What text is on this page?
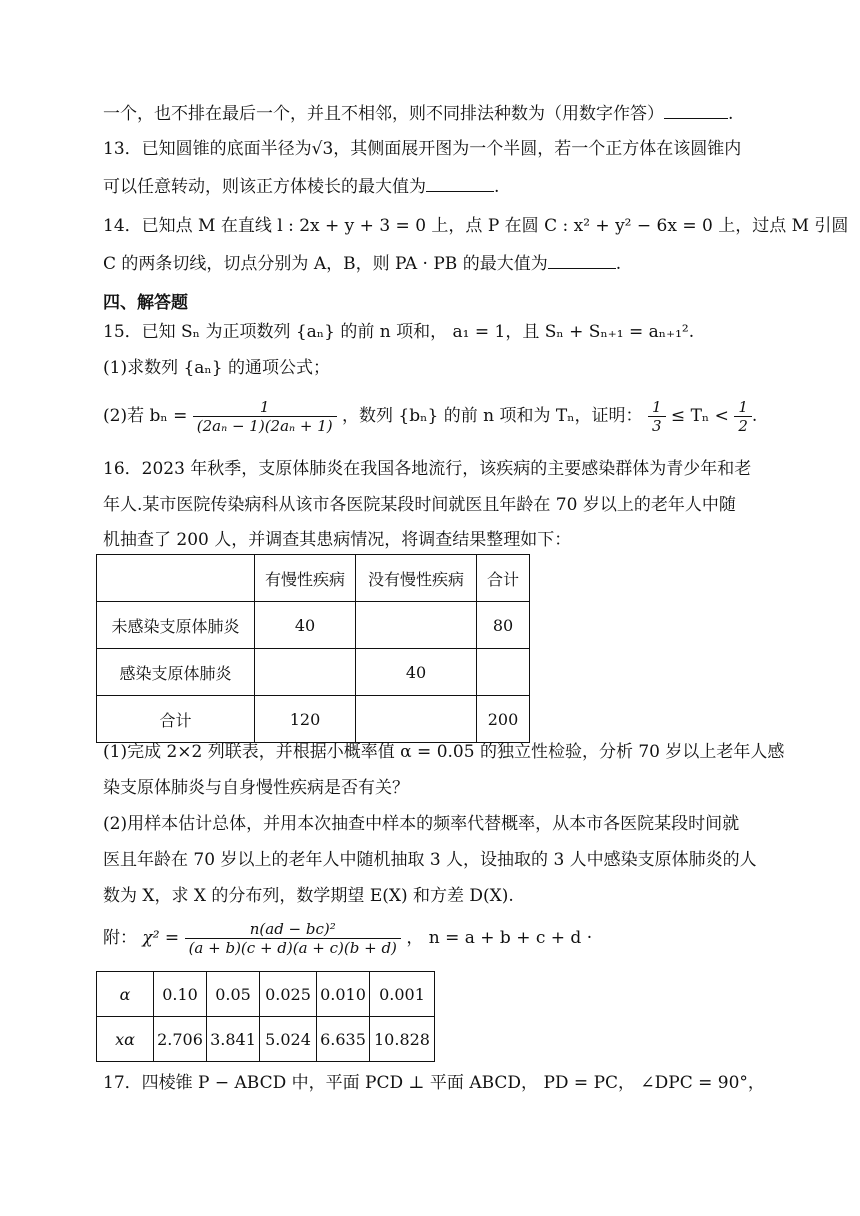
一个，也不排在最后一个，并且不相邻，则不同排法种数为（用数字作答）	.
13．已知圆锥的底面半径为√3，其侧面展开图为一个半圆，若一个正方体在该圆锥内
可以任意转动，则该正方体棱长的最大值为	.
14．已知点 M 在直线 l : 2x + y + 3 = 0 上，点 P 在圆 C : x² + y² − 6x = 0 上，过点 M 引圆
C 的两条切线，切点分别为 A，B，则 PA · PB 的最大值为	.
四、解答题
15．已知 Sₙ 为正项数列 {aₙ} 的前 n 项和， a₁ = 1，且 Sₙ + Sₙ₊₁ = aₙ₊₁².
(1)求数列 {aₙ} 的通项公式；
(2)若 $b_n = \frac{1}{\text{(2aₙ − 1)(2aₙ + 1)}}$ ，数列 {bₙ} 的前 n 项和为 Tₙ，证明： $\frac{1}{3} \le T_n < \frac{1}{2}$ .
16．2023 年秋季，支原体肺炎在我国各地流行，该疾病的主要感染群体为青少年和老
年人.某市医院传染病科从该市各医院某段时间就医且年龄在 70 岁以上的老年人中随
机抽查了 200 人，并调查其患病情况，将调查结果整理如下：
	有慢性疾病	没有慢性疾病	合计
未感染支原体肺炎	40		80
感染支原体肺炎		40	
合计	120		200
(1)完成 2×2 列联表，并根据小概率值 α = 0.05 的独立性检验，分析 70 岁以上老年人感
染支原体肺炎与自身慢性疾病是否有关？
(2)用样本估计总体，并用本次抽查中样本的频率代替概率，从本市各医院某段时间就
医且年龄在 70 岁以上的老年人中随机抽取 3 人，设抽取的 3 人中感染支原体肺炎的人
数为 X，求 X 的分布列，数学期望 E(X) 和方差 D(X).
附： $\chi^2 = \frac{\text{n(ad − bc)²}}{(a + b)(c + d)(a + c)(b + d)}$ ， n = a + b + c + d ·
α	0.10	0.05	0.025	0.010	0.001
xα	2.706	3.841	5.024	6.635	10.828
17．四棱锥 P − ABCD 中，平面 PCD ⊥ 平面 ABCD， PD = PC， ∠DPC = 90°，
